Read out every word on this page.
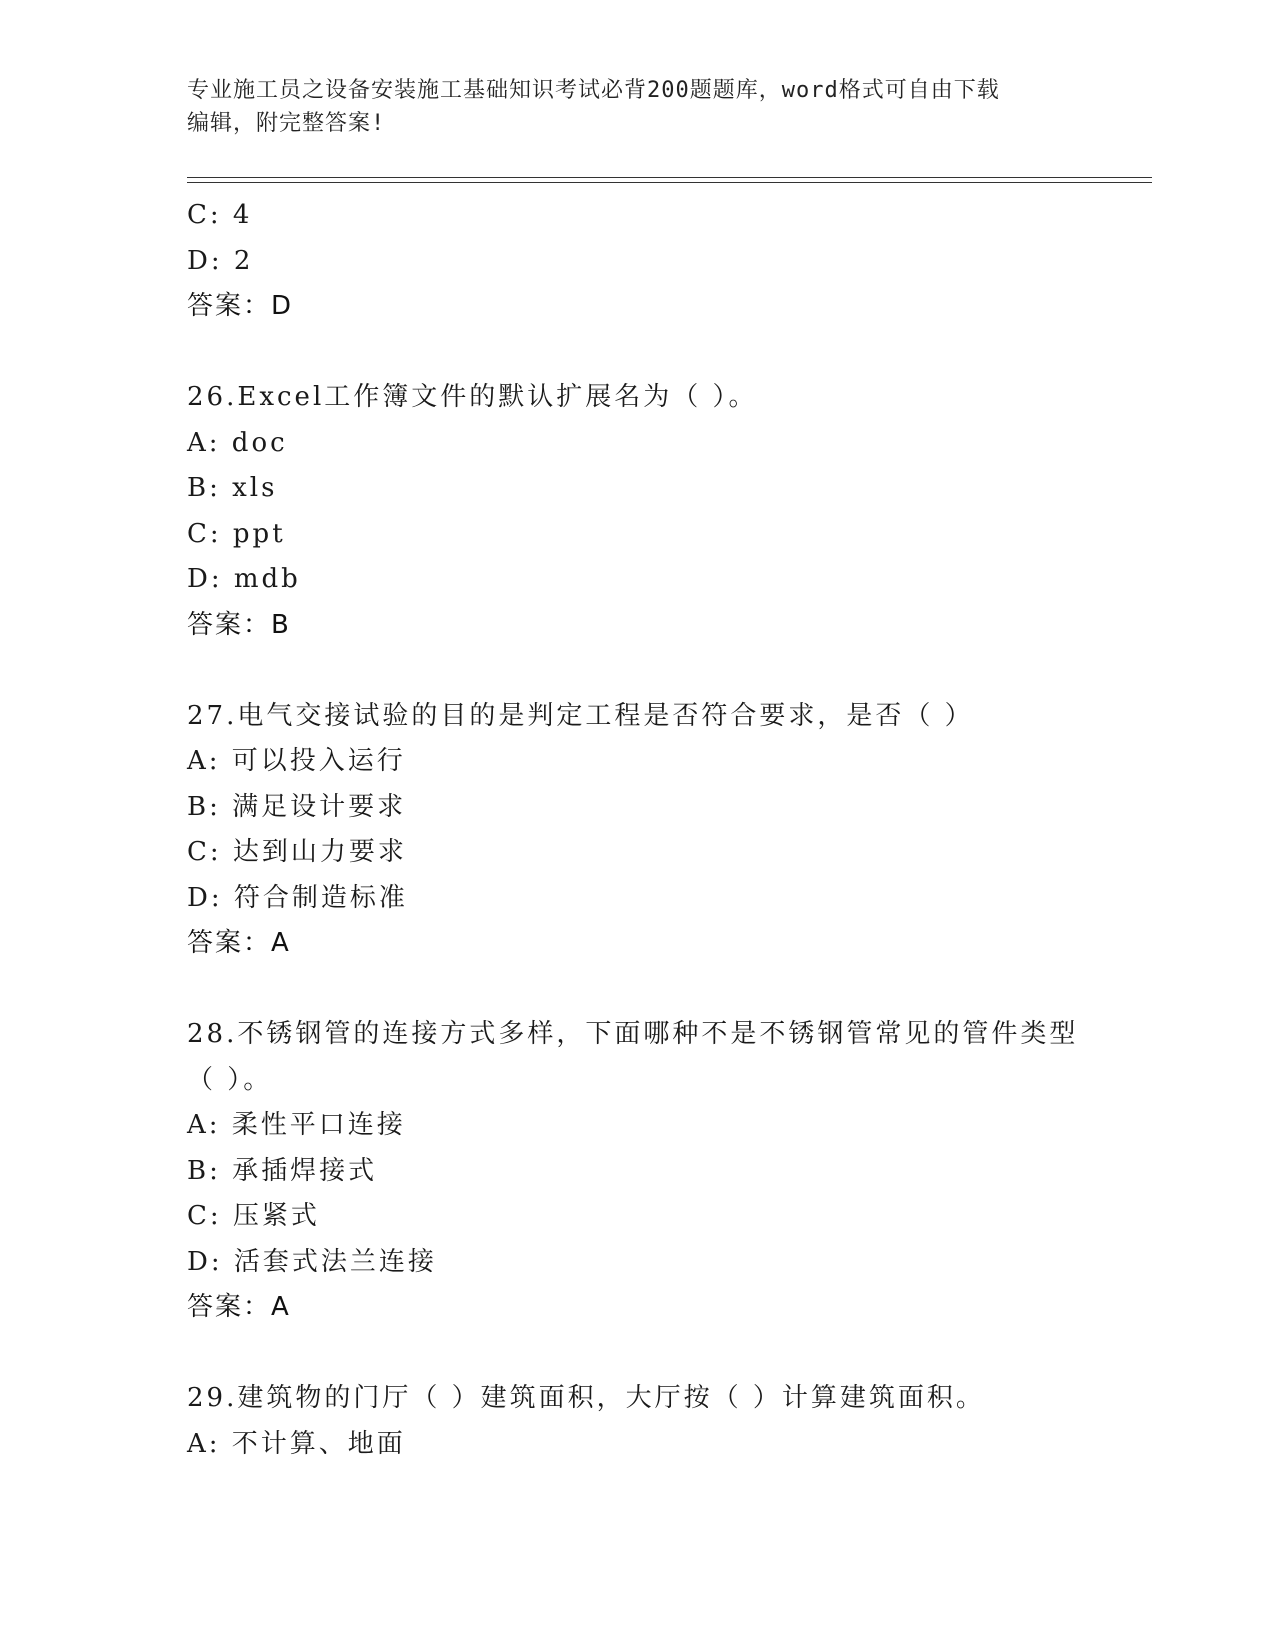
专业施工员之设备安装施工基础知识考试必背200题题库，word格式可自由下载
编辑，附完整答案!
C: 4
D: 2
答案：D
26.Excel工作簿文件的默认扩展名为（ ）。
A: doc
B: xls
C: ppt
D: mdb
答案：B
27.电气交接试验的目的是判定工程是否符合要求，是否（ ）
A: 可以投入运行
B: 满足设计要求
C: 达到山力要求
D: 符合制造标准
答案：A
28.不锈钢管的连接方式多样，下面哪种不是不锈钢管常见的管件类型
（ ）。
A: 柔性平口连接
B: 承插焊接式
C: 压紧式
D: 活套式法兰连接
答案：A
29.建筑物的门厅（ ）建筑面积，大厅按（ ）计算建筑面积。
A: 不计算、地面
